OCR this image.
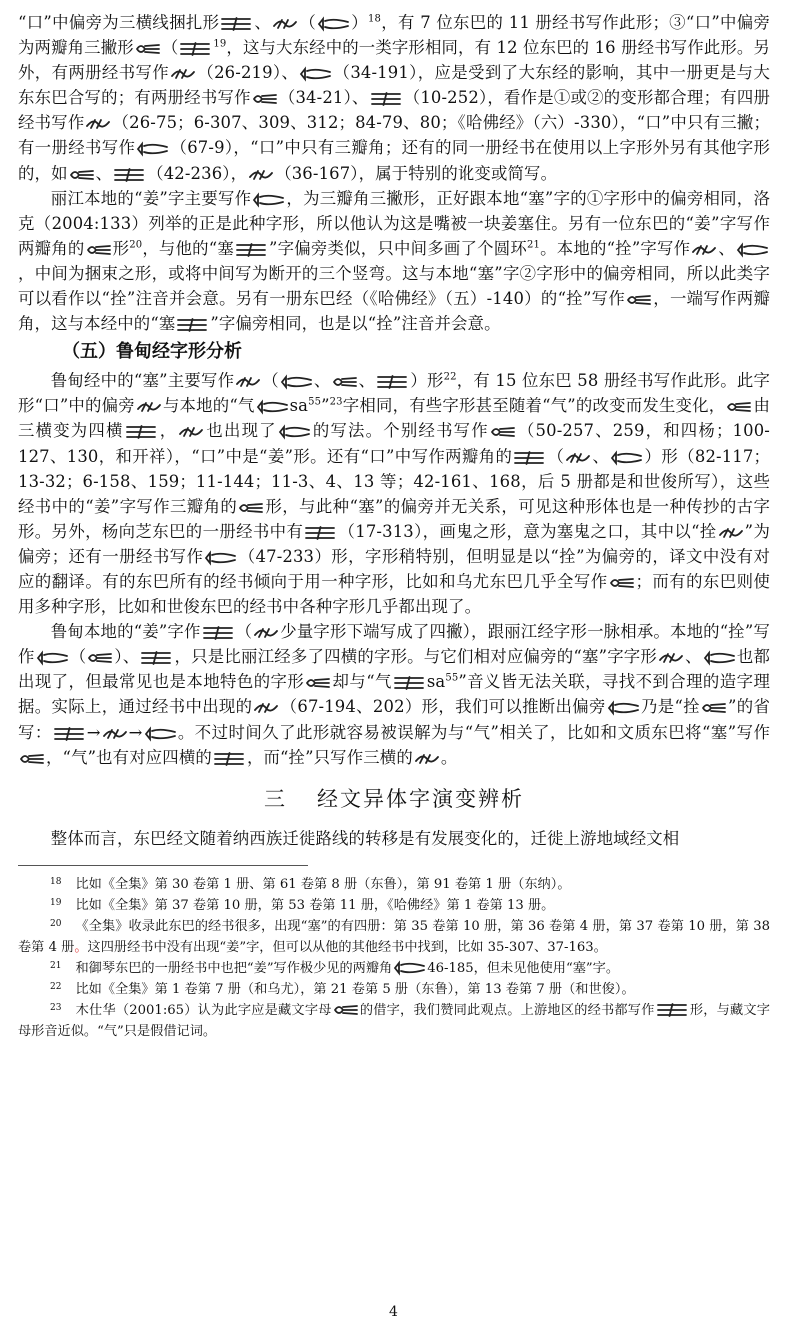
“口”中偏旁为三横线捆扎形 、 （ ）$^{18}$，有 7 位东巴的 11 册经书写作此形；③“口”中偏旁为两瓣角三撇形 （	$^{19}$，这与大东经中的一类字形相同，有 12 位东巴的 16 册经书写作此形。另外，有两册经书写作 （26-219）、 （34-191），应是受到了大东经的影响，其中一册更是与大东东巴合写的；有两册经书写作 （34-21）、 （10-252），看作是①或②的变形都合理；有四册经书写作 （26-75；6-307、309、312；84-79、80；《哈佛经》（六）-330），“口”中只有三撇；有一册经书写作 （67-9），“口”中只有三瓣角；还有的同一册经书在使用以上字形外另有其他字形的，如 、 （42-236）， （36-167），属于特别的讹变或简写。

丽江本地的“姜”字主要写作 ，为三瓣角三撇形，正好跟本地“塞”字的①字形中的偏旁相同，洛克（2004:133）列举的正是此种字形，所以他认为这是嘴被一块姜塞住。另有一位东巴的“姜”字写作两瓣角的 形$^{20}$，与他的“塞 ”字偏旁类似，只中间多画了个圆环$^{21}$。本地的“拴”字写作 、
，中间为捆束之形，或将中间写为断开的三个竖弯。这与本地“塞”字②字形中的偏旁相同，所以此类字可以看作以“拴”注音并会意。另有一册东巴经（《哈佛经》（五）-140）的“拴”写作 ，一端写作两瓣角，这与本经中的“塞 ”字偏旁相同，也是以“拴”注音并会意。

（五）鲁甸经字形分析

鲁甸经中的“塞”主要写作 （ 、 、 ）形$^{22}$，有 15 位东巴 58 册经书写作此形。此字形“口”中的偏旁 与本地的“气 $sa^{55}”^{23}$字相同，有些字形甚至随着“气”的改变而发生变化， 由三横变为四横 ， 也出现了 的写法。个别经书写作 （50-257、259，和四杨；100-127、130，和开祥），“口”中是“姜”形。还有“口”中写作两瓣角的 （ 、 ）形（82-117；13-32；6-158、159；11-144；11-3、4、13 等；42-161、168，后 5 册都是和世俊所写），这些经书中的“姜”字写作三瓣角的 形，与此种“塞”的偏旁并无关系，可见这种形体也是一种传抄的古字形。另外，杨向芝东巴的一册经书中有 （17-313），画鬼之形，意为塞鬼之口，其中以“拴 ”为偏旁；还有一册经书写作 （47-233）形，字形稍特别，但明显是以“拴”为偏旁的，译文中没有对应的翻译。有的东巴所有的经书倾向于用一种字形，比如和乌尤东巴几乎全写作 ；而有的东巴则使用多种字形，比如和世俊东巴的经书中各种字形几乎都出现了。

鲁甸本地的“姜”字作 （ 少量字形下端写成了四撇），跟丽江经字形一脉相承。本地的“拴”写作 （ ）、 ，只是比丽江经多了四横的字形。与它们相对应偏旁的“塞”字字形 、 也都出现了，但最常见也是本地特色的字形 却与“气 $sa^{55}$”音义皆无法关联，寻找不到合理的造字理据。实际上，通过经书中出现的 （67-194、202）形，我们可以推断出偏旁 乃是“拴 ”的省写： → → 。不过时间久了此形就容易被误解为与“气”相关了，比如和文质东巴将“塞”写作
，“气”也有对应四横的 ，而“拴”只写作三横的 。

三 经文异体字演变辨析

整体而言，东巴经文随着纳西族迁徙路线的转移是有发展变化的，迁徙上游地域经文相

$^{18}$ 比如《全集》第 30 卷第 1 册、第 61 卷第 8 册（东鲁），第 91 卷第 1 册（东纳）。

$^{19}$ 比如《全集》第 37 卷第 10 册，第 53 卷第 11 册，《哈佛经》第 1 卷第 13 册。

$^{20}$ 《全集》收录此东巴的经书很多，出现“塞”的有四册：第 35 卷第 10 册，第 36 卷第 4 册，第 37 卷第 10 册，第 38 卷第 4 册。这四册经书中没有出现“姜”字，但可以从他的其他经书中找到，比如 35-307、37-163。

$^{21}$ 和御琴东巴的一册经书中也把“姜”写作极少见的两瓣角	46-185，但未见他使用“塞”字。

$^{22}$ 比如《全集》第 1 卷第 7 册（和乌尤），第 21 卷第 5 册（东鲁），第 13 卷第 7 册（和世俊）。

$^{23}$ 木仕华（2001:65）认为此字应是藏文字母 的借字，我们赞同此观点。上游地区的经书都写作	形，与藏文字母形音近似。“气”只是假借记词。

4
